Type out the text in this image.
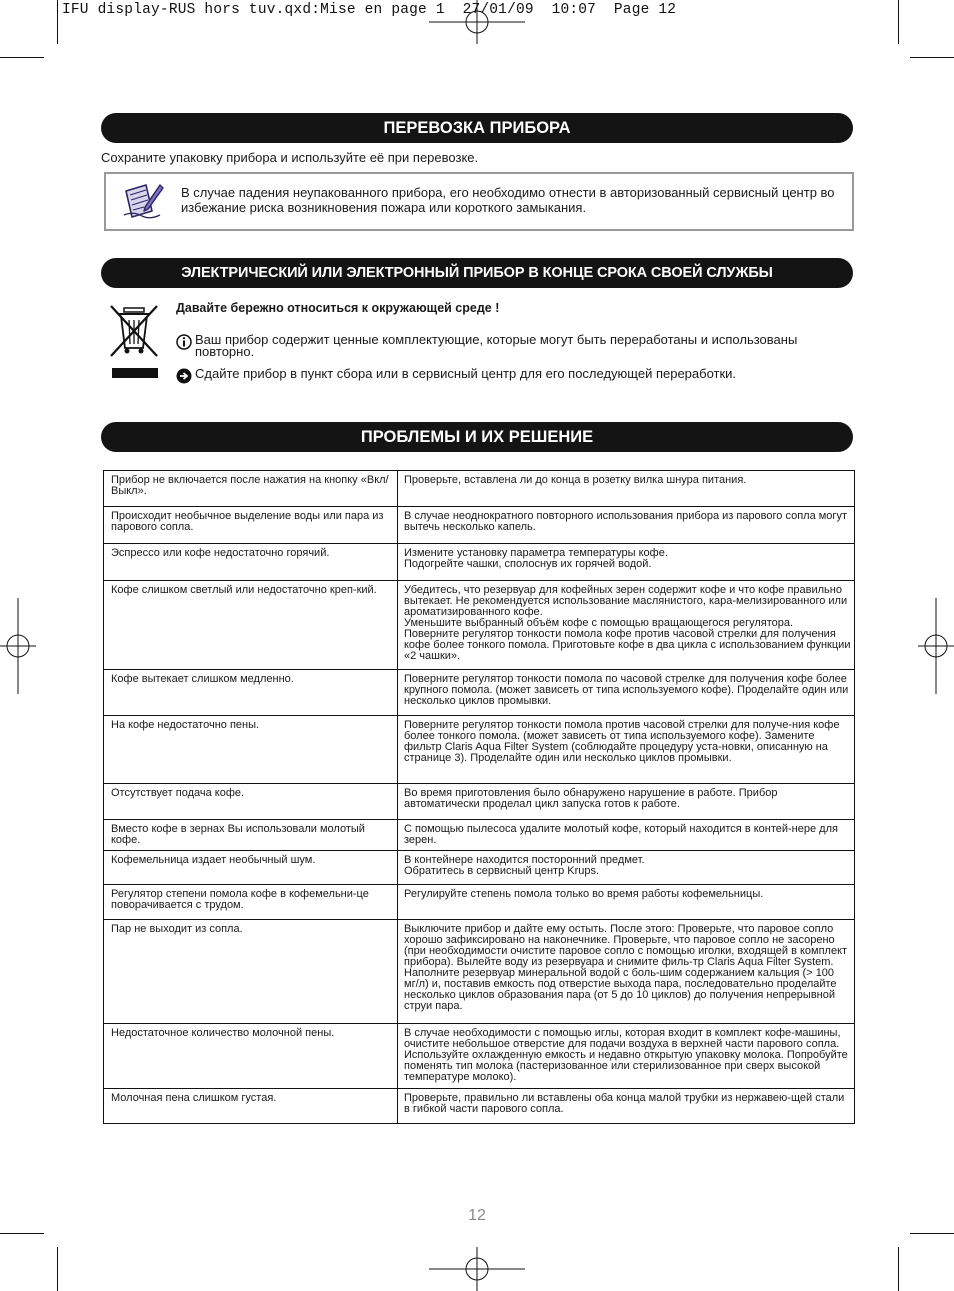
IFU display-RUS hors tuv.qxd:Mise en page 1  27/01/09  10:07  Page 12
ПЕРЕВОЗКА ПРИБОРА
Сохраните упаковку прибора и используйте её при перевозке.
В случае падения неупакованного прибора, его необходимо отнести в авторизованный сервисный центр во избежание риска возникновения пожара или короткого замыкания.
ЭЛЕКТРИЧЕСКИЙ ИЛИ ЭЛЕКТРОННЫЙ ПРИБОР В КОНЦЕ СРОКА СВОЕЙ СЛУЖБЫ
Давайте бережно относиться к окружающей среде !
Ваш прибор содержит ценные комплектующие, которые могут быть переработаны и использованы повторно.
Сдайте прибор в пункт сбора или в сервисный центр для его последующей переработки.
ПРОБЛЕМЫ И ИХ РЕШЕНИЕ
Прибор не включается после нажатия на кнопку «Вкл/Выкл».	Проверьте, вставлена ли до конца в розетку вилка шнура питания.
Происходит необычное выделение воды или пара из парового сопла.	В случае неоднократного повторного использования прибора из парового сопла могут вытечь несколько капель.
Эспрессо или кофе недостаточно горячий.	Измените установку параметра температуры кофе.
Подогрейте чашки, сполоснув их горячей водой.
Кофе слишком светлый или недостаточно креп-кий.	Убедитесь, что резервуар для кофейных зерен содержит кофе и что кофе правильно вытекает. Не рекомендуется использование маслянистого, кара-мелизированного или ароматизированного кофе.
Уменьшите выбранный объём кофе с помощью вращающегося регулятора.
Поверните регулятор тонкости помола кофе против часовой стрелки для получения кофе более тонкого помола. Приготовьте кофе в два цикла с использованием функции «2 чашки».
Кофе вытекает слишком медленно.	Поверните регулятор тонкости помола по часовой стрелке для получения кофе более крупного помола. (может зависеть от типа используемого кофе). Проделайте один или несколько циклов промывки.
На кофе недостаточно пены.	Поверните регулятор тонкости помола против часовой стрелки для получе-ния кофе более тонкого помола. (может зависеть от типа используемого кофе). Замените фильтр Claris Aqua Filter System (соблюдайте процедуру уста-новки, описанную на странице 3). Проделайте один или несколько циклов промывки.
Отсутствует подача кофе.	Во время приготовления было обнаружено нарушение в работе. Прибор автоматически проделал цикл запуска готов к работе.
Вместо кофе в зернах Вы использовали молотый кофе.	С помощью пылесоса удалите молотый кофе, который находится в контей-нере для зерен.
Кофемельница издает необычный шум.	В контейнере находится посторонний предмет.
Обратитесь в сервисный центр Krups.
Регулятор степени помола кофе в кофемельни-це поворачивается с трудом.	Регулируйте степень помола только во время работы кофемельницы.
Пар не выходит из сопла.	Выключите прибор и дайте ему остыть. После этого: Проверьте, что паровое сопло хорошо зафиксировано на наконечнике. Проверьте, что паровое сопло не засорено (при необходимости очистите паровое сопло с помощью иголки, входящей в комплект прибора). Вылейте воду из резервуара и снимите филь-тр Claris Aqua Filter System. Наполните резервуар минеральной водой с боль-шим содержанием кальция (> 100 мг/л) и, поставив емкость под отверстие выхода пара, последовательно проделайте несколько циклов образования пара (от 5 до 10 циклов) до получения непрерывной струи пара.
Недостаточное количество молочной пены.	В случае необходимости с помощью иглы, которая входит в комплект кофе-машины, очистите небольшое отверстие для подачи воздуха в верхней части парового сопла. Используйте охлажденную емкость и недавно открытую упаковку молока. Попробуйте поменять тип молока (пастеризованное или стерилизованное при сверх высокой температуре молоко).
Молочная пена слишком густая.	Проверьте, правильно ли вставлены оба конца малой трубки из нержавею-щей стали в гибкой части парового сопла.
12
